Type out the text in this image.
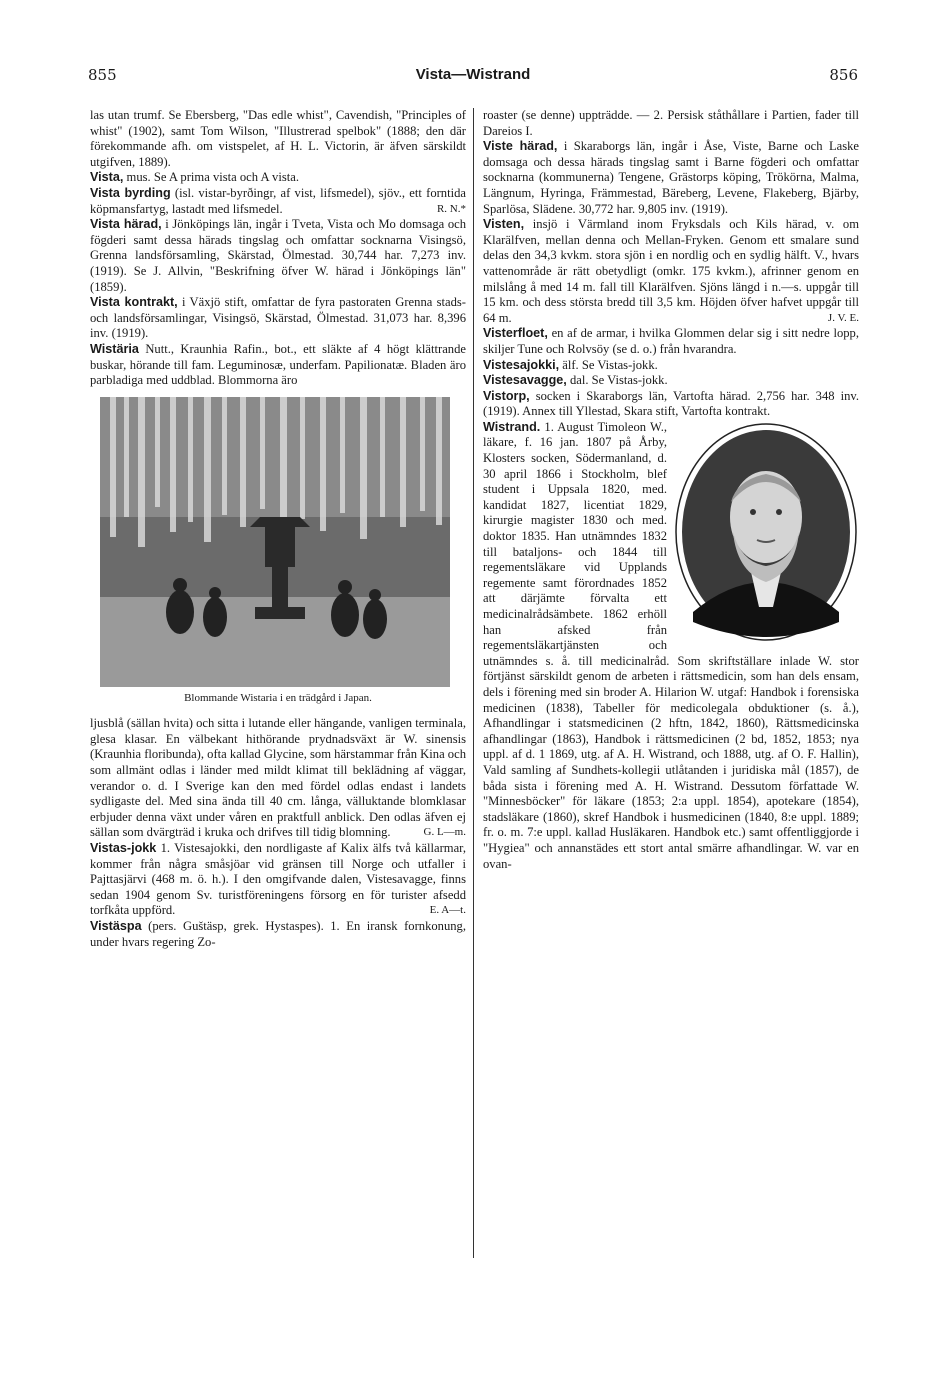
855	Vista—Wistrand	856

las utan trumf. Se Ebersberg, "Das edle whist", Cavendish, "Principles of whist" (1902), samt Tom Wilson, "Illustrerad spelbok" (1888; den där förekommande afh. om vistspelet, af H. L. Victorin, är äfven särskildt utgifven, 1889).

Vista, mus. Se A prima vista och A vista.

Vista byrding (isl. vistar-byrðingr, af vist, lifsmedel), sjöv., ett forntida köpmansfartyg, lastadt med lifsmedel.	R. N.*

Vista härad, i Jönköpings län, ingår i Tveta, Vista och Mo domsaga och fögderi samt dessa härads tingslag och omfattar socknarna Visingsö, Grenna landsförsamling, Skärstad, Ölmestad. 30,744 har. 7,273 inv. (1919). Se J. Allvin, "Beskrifning öfver W. härad i Jönköpings län" (1859).

Vista kontrakt, i Växjö stift, omfattar de fyra pastoraten Grenna stads- och landsförsamlingar, Visingsö, Skärstad, Ölmestad. 31,073 har. 8,396 inv. (1919).

Wistäria Nutt., Kraunhia Rafin., bot., ett släkte af 4 högt klättrande buskar, hörande till fam. Leguminosæ, underfam. Papilionatæ. Bladen äro parbladiga med uddblad. Blommorna äro

Blommande Wistaria i en trädgård i Japan.

ljusblå (sällan hvita) och sitta i lutande eller hängande, vanligen terminala, glesa klasar. En välbekant hithörande prydnadsväxt är W. sinensis (Kraunhia floribunda), ofta kallad Glycine, som härstammar från Kina och som allmänt odlas i länder med mildt klimat till beklädning af väggar, verandor o. d. I Sverige kan den med fördel odlas endast i landets sydligaste del. Med sina ända till 40 cm. långa, välluktande blomklasar erbjuder denna växt under våren en praktfull anblick. Den odlas äfven ej sällan som dvärgträd i kruka och drifves till tidig blomning.	G. L—m.

Vistas-jokk 1. Vistesajokki, den nordligaste af Kalix älfs två källarmar, kommer från några småsjöar vid gränsen till Norge och utfaller i Pajttasjärvi (468 m. ö. h.). I den omgifvande dalen, Vistesavagge, finns sedan 1904 genom Sv. turistföreningens försorg en för turister afsedd torfkåta uppförd.	E. A—t.

Vistäspa (pers. Guštäsp, grek. Hystaspes). 1. En iransk fornkonung, under hvars regering Zo-

roaster (se denne) uppträdde. — 2. Persisk ståthållare i Partien, fader till Dareios I.

Viste härad, i Skaraborgs län, ingår i Åse, Viste, Barne och Laske domsaga och dessa härads tingslag samt i Barne fögderi och omfattar socknarna (kommunerna) Tengene, Grästorps köping, Trökörna, Malma, Längnum, Hyringa, Främmestad, Bäreberg, Levene, Flakeberg, Bjärby, Sparlösa, Slädene. 30,772 har. 9,805 inv. (1919).

Visten, insjö i Värmland inom Fryksdals och Kils härad, v. om Klarälfven, mellan denna och Mellan-Fryken. Genom ett smalare sund delas den 34,3 kvkm. stora sjön i en nordlig och en sydlig hälft. V., hvars vattenområde är rätt obetydligt (omkr. 175 kvkm.), afrinner genom en milslång å med 14 m. fall till Klarälfven. Sjöns längd i n.—s. uppgår till 15 km. och dess största bredd till 3,5 km. Höjden öfver hafvet uppgår till 64 m.	J. V. E.

Visterfloet, en af de armar, i hvilka Glommen delar sig i sitt nedre lopp, skiljer Tune och Rolvsöy (se d. o.) från hvarandra.

Vistesajokki, älf. Se Vistas-jokk.

Vistesavagge, dal. Se Vistas-jokk.

Vistorp, socken i Skaraborgs län, Vartofta härad. 2,756 har. 348 inv. (1919). Annex till Yllestad, Skara stift, Vartofta kontrakt.

Wistrand. 1. August Timoleon W., läkare, f. 16 jan. 1807 på Årby, Klosters socken, Södermanland, d. 30 april 1866 i Stockholm, blef student i Uppsala 1820, med. kandidat 1827, licentiat 1829, kirurgie magister 1830 och med. doktor 1835. Han utnämndes 1832 till bataljons- och 1844 till regementsläkare vid Upplands regemente samt förordnades 1852 att därjämte förvalta ett medicinalrådsämbete. 1862 erhöll han afsked från regementsläkartjänsten och utnämndes s. å. till medicinalråd. Som skriftställare inlade W. stor förtjänst särskildt genom de arbeten i rättsmedicin, som han dels ensam, dels i förening med sin broder A. Hilarion W. utgaf: Handbok i forensiska medicinen (1838), Tabeller för medicolegala obduktioner (s. å.), Afhandlingar i statsmedicinen (2 hftn, 1842, 1860), Rättsmedicinska afhandlingar (1863), Handbok i rättsmedicinen (2 bd, 1852, 1853; nya uppl. af d. 1 1869, utg. af A. H. Wistrand, och 1888, utg. af O. F. Hallin), Vald samling af Sundhets-kollegii utlåtanden i juridiska mål (1857), de båda sista i förening med A. H. Wistrand. Dessutom författade W. "Minnesböcker" för läkare (1853; 2:a uppl. 1854), apotekare (1854), stadsläkare (1860), skref Handbok i husmedicinen (1840, 8:e uppl. 1889; fr. o. m. 7:e uppl. kallad Husläkaren. Handbok etc.) samt offentliggjorde i "Hygiea" och annanstädes ett stort antal smärre afhandlingar. W. var en ovan-
